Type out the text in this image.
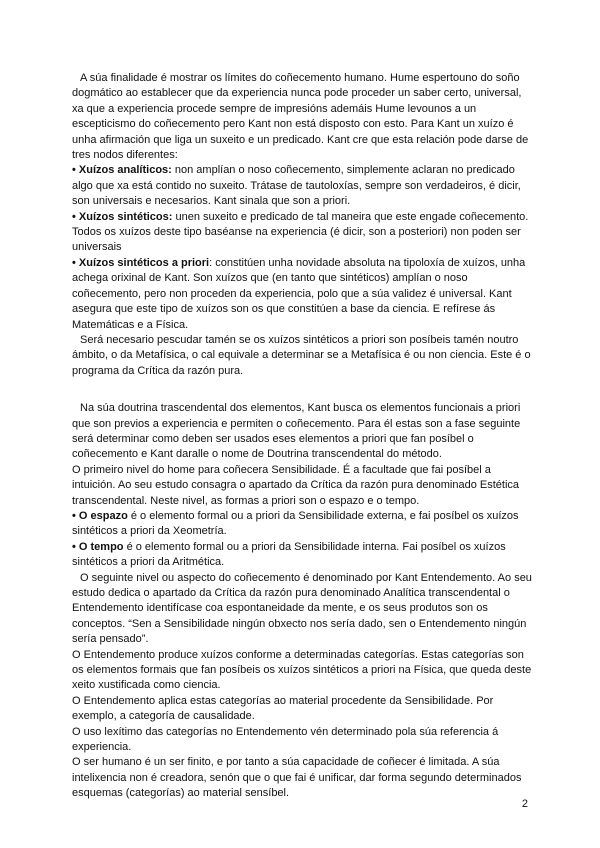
A súa finalidade é mostrar os límites do coñecemento humano. Hume espertouno do soño dogmático ao establecer que da experiencia nunca pode proceder un saber certo, universal, xa que a experiencia procede sempre de impresións ademáis Hume levounos a un escepticismo do coñecemento pero Kant non está disposto con esto. Para Kant un xuízo é unha afirmación que liga un suxeito e un predicado. Kant cre que esta relación pode darse de tres nodos diferentes:

• Xuízos analíticos: non amplían o noso coñecemento, simplemente aclaran no predicado algo que xa está contido no suxeito. Trátase de tautoloxías, sempre son verdadeiros, é dicir, son universais e necesarios. Kant sinala que son a priori.

• Xuízos sintéticos: unen suxeito e predicado de tal maneira que este engade coñecemento. Todos os xuízos deste tipo baséanse na experiencia (é dicir, son a posteriori) non poden ser universais

• Xuízos sintéticos a priori: constitúen unha novidade absoluta na tipoloxía de xuízos, unha achega orixinal de Kant. Son xuízos que (en tanto que sintéticos) amplían o noso coñecemento, pero non proceden da experiencia, polo que a súa validez é universal. Kant asegura que este tipo de xuízos son os que constitúen a base da ciencia. E refírese ás Matemáticas e a Física.

Será necesario pescudar tamén se os xuízos sintéticos a priori son posíbeis tamén noutro ámbito, o da Metafísica, o cal equivale a determinar se a Metafísica é ou non ciencia. Este é o programa da Crítica da razón pura.

Na súa doutrina trascendental dos elementos, Kant busca os elementos funcionais a priori que son previos a experiencia e permiten o coñecemento. Para él estas son a fase seguinte será determinar como deben ser usados eses elementos a priori que fan posíbel o coñecemento e Kant daralle o nome de Doutrina transcendental do método.

O primeiro nivel do home para coñecera Sensibilidade. É a facultade que fai posíbel a intuición. Ao seu estudo consagra o apartado da Crítica da razón pura denominado Estética transcendental. Neste nivel, as formas a priori son o espazo e o tempo.

• O espazo é o elemento formal ou a priori da Sensibilidade externa, e fai posíbel os xuízos sintéticos a priori da Xeometría.

• O tempo é o elemento formal ou a priori da Sensibilidade interna. Fai posíbel os xuízos sintéticos a priori da Aritmética.

O seguinte nivel ou aspecto do coñecemento é denominado por Kant Entendemento. Ao seu estudo dedica o apartado da Crítica da razón pura denominado Analítica transcendental o Entendemento identifícase coa espontaneidade da mente, e os seus produtos son os conceptos. “Sen a Sensibilidade ningún obxecto nos sería dado, sen o Entendemento ningún sería pensado”.

O Entendemento produce xuízos conforme a determinadas categorías. Estas categorías son os elementos formais que fan posíbeis os xuízos sintéticos a priori na Física, que queda deste xeito xustificada como ciencia.

O Entendemento aplica estas categorías ao material procedente da Sensibilidade. Por exemplo, a categoría de causalidade.

O uso lexítimo das categorías no Entendemento vén determinado pola súa referencia á experiencia.

O ser humano é un ser finito, e por tanto a súa capacidade de coñecer é limitada. A súa intelixencia non é creadora, senón que o que fai é unificar, dar forma segundo determinados esquemas (categorías) ao material sensíbel.

2
